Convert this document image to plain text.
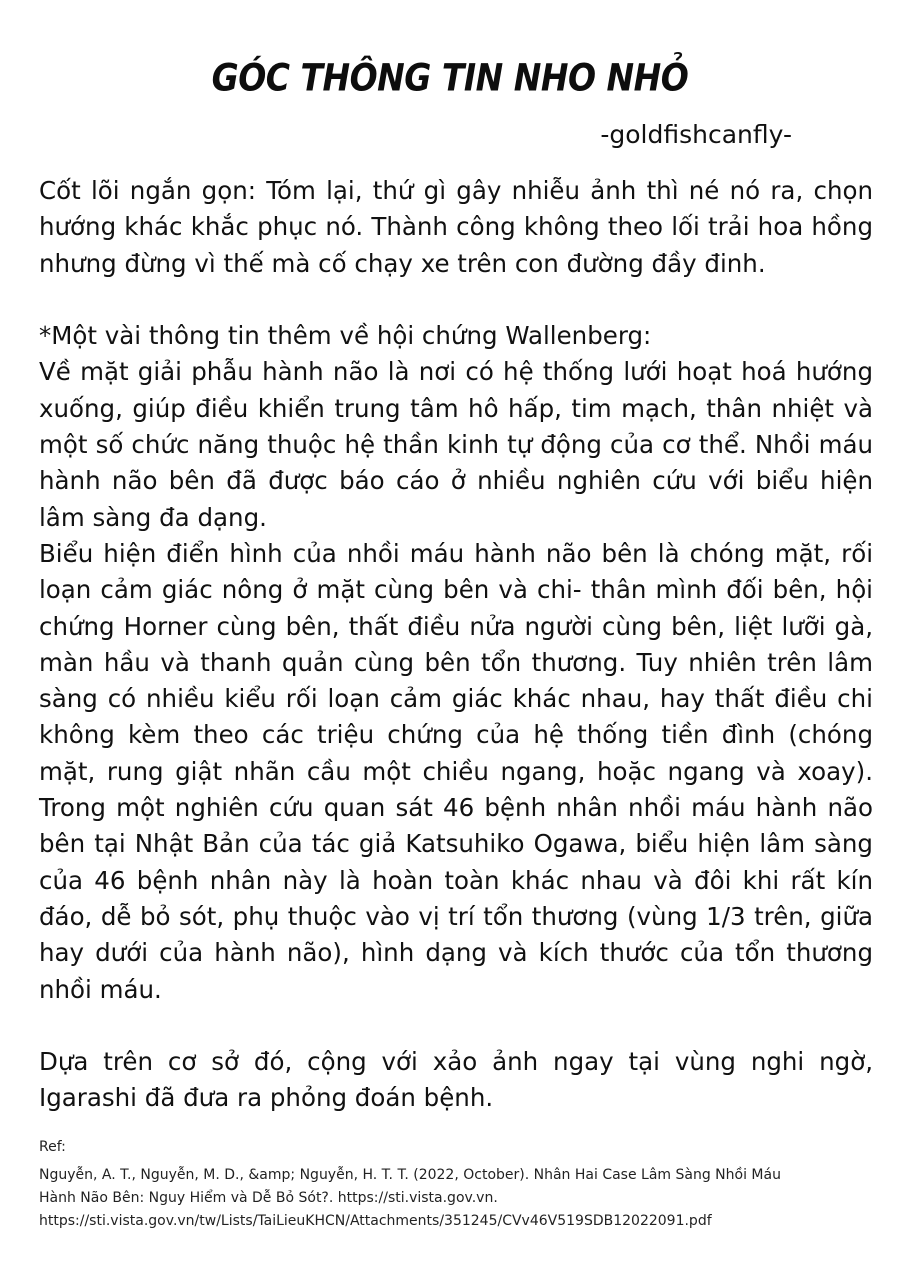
GÓC THÔNG TIN NHO NHỎ
-goldfishcanfly-

Cốt lõi ngắn gọn: Tóm lại, thứ gì gây nhiễu ảnh thì né nó ra, chọn hướng khác khắc phục nó. Thành công không theo lối trải hoa hồng nhưng đừng vì thế mà cố chạy xe trên con đường đầy đinh.

*Một vài thông tin thêm về hội chứng Wallenberg:

Về mặt giải phẫu hành não là nơi có hệ thống lưới hoạt hoá hướng xuống, giúp điều khiển trung tâm hô hấp, tim mạch, thân nhiệt và một số chức năng thuộc hệ thần kinh tự động của cơ thể. Nhồi máu hành não bên đã được báo cáo ở nhiều nghiên cứu với biểu hiện lâm sàng đa dạng.

Biểu hiện điển hình của nhồi máu hành não bên là chóng mặt, rối loạn cảm giác nông ở mặt cùng bên và chi- thân mình đối bên, hội chứng Horner cùng bên, thất điều nửa người cùng bên, liệt lưỡi gà, màn hầu và thanh quản cùng bên tổn thương. Tuy nhiên trên lâm sàng có nhiều kiểu rối loạn cảm giác khác nhau, hay thất điều chi không kèm theo các triệu chứng của hệ thống tiền đình (chóng mặt, rung giật nhãn cầu một chiều ngang, hoặc ngang và xoay). Trong một nghiên cứu quan sát 46 bệnh nhân nhồi máu hành não bên tại Nhật Bản của tác giả Katsuhiko Ogawa, biểu hiện lâm sàng của 46 bệnh nhân này là hoàn toàn khác nhau và đôi khi rất kín đáo, dễ bỏ sót, phụ thuộc vào vị trí tổn thương (vùng 1/3 trên, giữa hay dưới của hành não), hình dạng và kích thước của tổn thương nhồi máu.

Dựa trên cơ sở đó, cộng với xảo ảnh ngay tại vùng nghi ngờ, Igarashi đã đưa ra phỏng đoán bệnh.

Ref:
Nguyễn, A. T., Nguyễn, M. D., &amp; Nguyễn, H. T. T. (2022, October). Nhân Hai Case Lâm Sàng Nhồi Máu
Hành Não Bên: Nguy Hiểm và Dễ Bỏ Sót?. https://sti.vista.gov.vn.
https://sti.vista.gov.vn/tw/Lists/TaiLieuKHCN/Attachments/351245/CVv46V519SDB12022091.pdf
